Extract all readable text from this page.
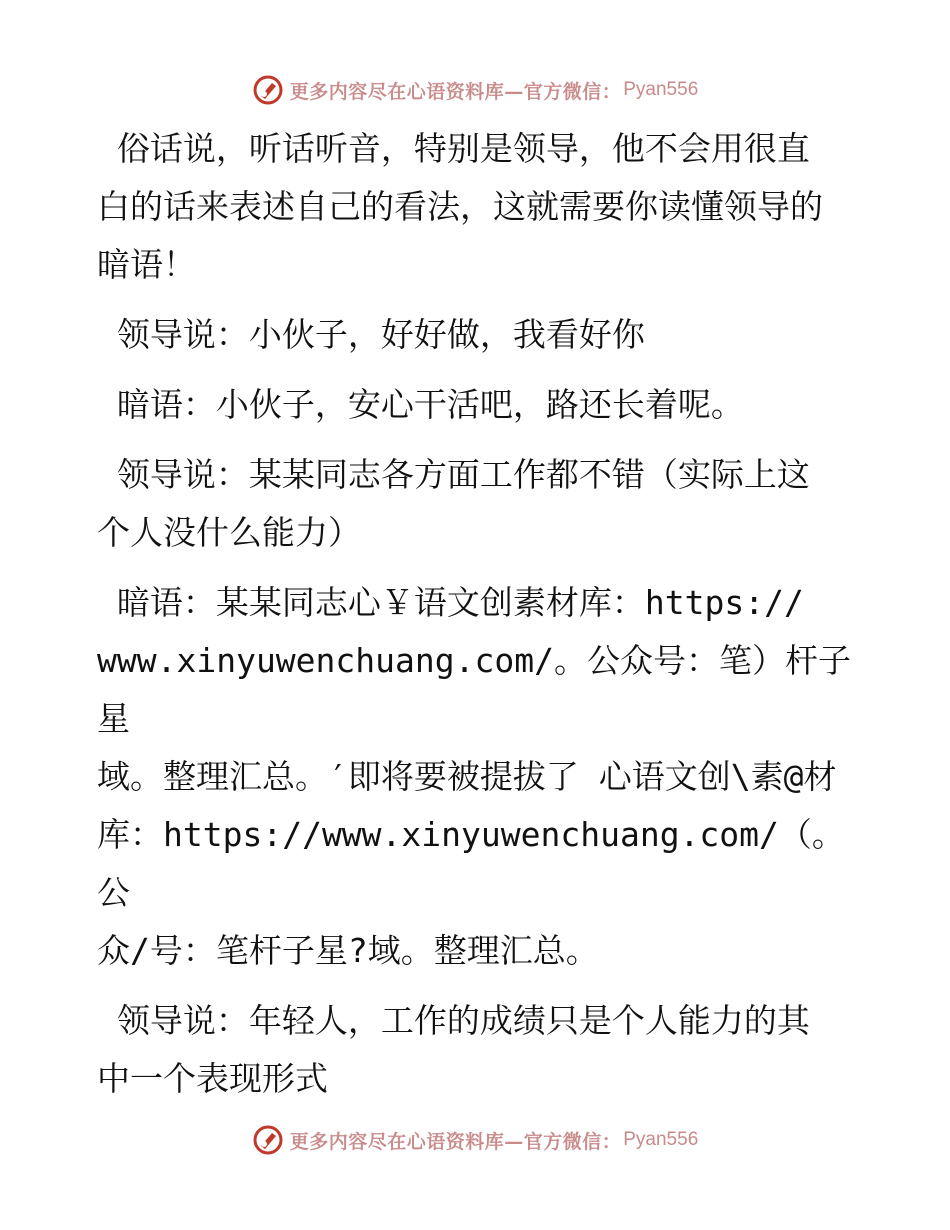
更多内容尽在心语资料库—官方微信： Pyan556

俗话说，听话听音，特别是领导，他不会用很直
白的话来表述自己的看法，这就需要你读懂领导的
暗语！

领导说：小伙子，好好做，我看好你

暗语：小伙子，安心干活吧，路还长着呢。

领导说：某某同志各方面工作都不错（实际上这
个人没什么能力）

暗语：某某同志心￥语文创素材库：https://
www.xinyuwenchuang.com/。公众号：笔）杆子星
域。整理汇总。′即将要被提拔了 心语文创\素@材
库：https://www.xinyuwenchuang.com/（。公
众/号：笔杆子星?域。整理汇总。

领导说：年轻人，工作的成绩只是个人能力的其
中一个表现形式

更多内容尽在心语资料库—官方微信： Pyan556
